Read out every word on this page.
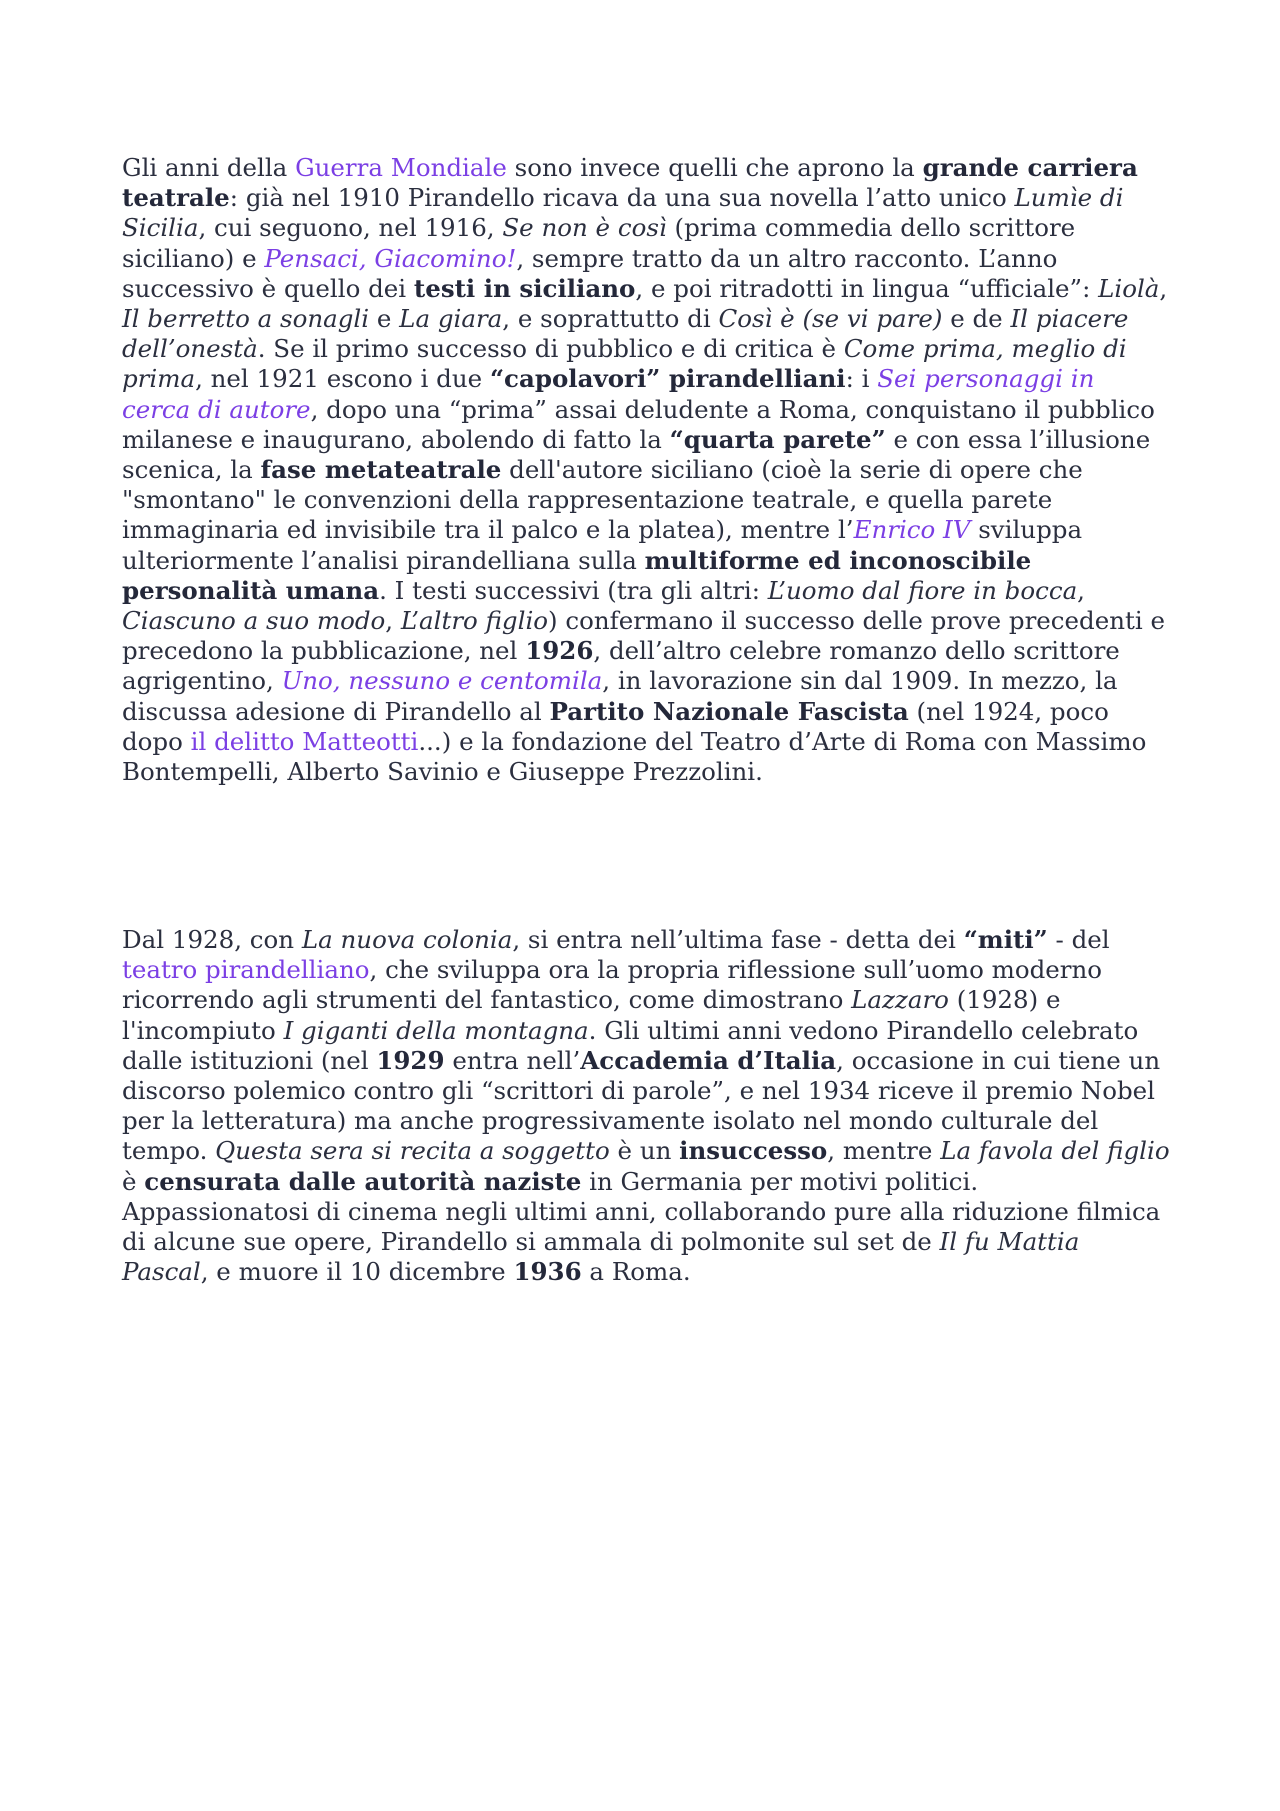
Gli anni della Guerra Mondiale sono invece quelli che aprono la grande carriera teatrale: già nel 1910 Pirandello ricava da una sua novella l’atto unico Lumìe di Sicilia, cui seguono, nel 1916, Se non è così (prima commedia dello scrittore siciliano) e Pensaci, Giacomino!, sempre tratto da un altro racconto. L’anno successivo è quello dei testi in siciliano, e poi ritradotti in lingua “ufficiale”: Liolà, Il berretto a sonagli e La giara, e soprattutto di Così è (se vi pare) e de Il piacere dell’onestà. Se il primo successo di pubblico e di critica è Come prima, meglio di prima, nel 1921 escono i due “capolavori” pirandelliani: i Sei personaggi in cerca di autore, dopo una “prima” assai deludente a Roma, conquistano il pubblico milanese e inaugurano, abolendo di fatto la “quarta parete” e con essa l’illusione scenica, la fase metateatrale dell'autore siciliano (cioè la serie di opere che "smontano" le convenzioni della rappresentazione teatrale, e quella parete immaginaria ed invisibile tra il palco e la platea), mentre l’Enrico IV sviluppa ulteriormente l’analisi pirandelliana sulla multiforme ed inconoscibile personalità umana. I testi successivi (tra gli altri: L’uomo dal fiore in bocca, Ciascuno a suo modo, L’altro figlio) confermano il successo delle prove precedenti e precedono la pubblicazione, nel 1926, dell’altro celebre romanzo dello scrittore agrigentino, Uno, nessuno e centomila, in lavorazione sin dal 1909. In mezzo, la discussa adesione di Pirandello al Partito Nazionale Fascista (nel 1924, poco dopo il delitto Matteotti...) e la fondazione del Teatro d’Arte di Roma con Massimo Bontempelli, Alberto Savinio e Giuseppe Prezzolini.

Dal 1928, con La nuova colonia, si entra nell’ultima fase - detta dei “miti” - del teatro pirandelliano, che sviluppa ora la propria riflessione sull’uomo moderno ricorrendo agli strumenti del fantastico, come dimostrano Lazzaro (1928) e l'incompiuto I giganti della montagna. Gli ultimi anni vedono Pirandello celebrato dalle istituzioni (nel 1929 entra nell’Accademia d’Italia, occasione in cui tiene un discorso polemico contro gli “scrittori di parole”, e nel 1934 riceve il premio Nobel per la letteratura) ma anche progressivamente isolato nel mondo culturale del tempo. Questa sera si recita a soggetto è un insuccesso, mentre La favola del figlio è censurata dalle autorità naziste in Germania per motivi politici. Appassionatosi di cinema negli ultimi anni, collaborando pure alla riduzione filmica di alcune sue opere, Pirandello si ammala di polmonite sul set de Il fu Mattia Pascal, e muore il 10 dicembre 1936 a Roma.
